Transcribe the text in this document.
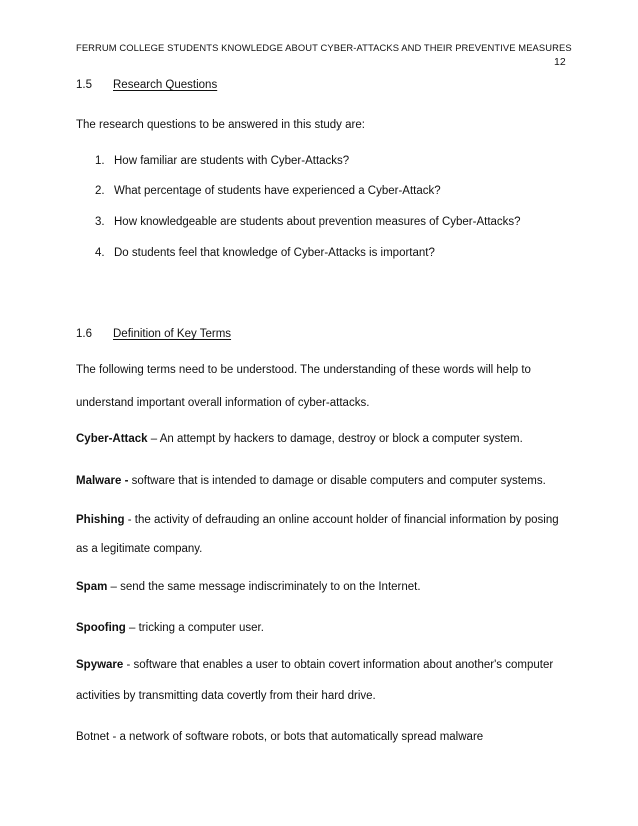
FERRUM COLLEGE STUDENTS KNOWLEDGE ABOUT CYBER-ATTACKS AND THEIR PREVENTIVE MEASURES
12
1.5 Research Questions
The research questions to be answered in this study are:
1. How familiar are students with Cyber-Attacks?
2. What percentage of students have experienced a Cyber-Attack?
3. How knowledgeable are students about prevention measures of Cyber-Attacks?
4. Do students feel that knowledge of Cyber-Attacks is important?
1.6 Definition of Key Terms
The following terms need to be understood. The understanding of these words will help to
understand important overall information of cyber-attacks.
Cyber-Attack – An attempt by hackers to damage, destroy or block a computer system.
Malware - software that is intended to damage or disable computers and computer systems.
Phishing - the activity of defrauding an online account holder of financial information by posing
as a legitimate company.
Spam – send the same message indiscriminately to on the Internet.
Spoofing – tricking a computer user.
Spyware - software that enables a user to obtain covert information about another's computer
activities by transmitting data covertly from their hard drive.
Botnet - a network of software robots, or bots that automatically spread malware
